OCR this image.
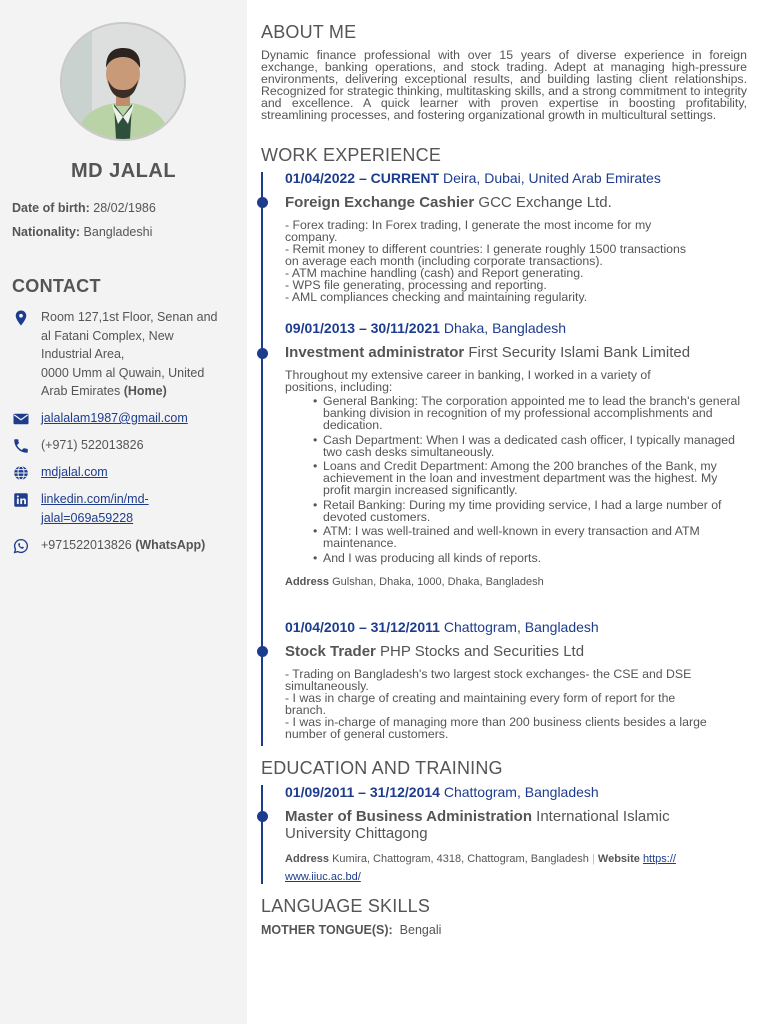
MD JALAL
Date of birth: 28/02/1986
Nationality: Bangladeshi
CONTACT
Room 127,1st Floor, Senan and
al Fatani Complex, New
Industrial Area,
0000 Umm al Quwain, United
Arab Emirates (Home)
jalalalam1987@gmail.com
(+971) 522013826
mdjalal.com
linkedin.com/in/md-
jalal=069a59228
+971522013826 (WhatsApp)
ABOUT ME
Dynamic finance professional with over 15 years of diverse experience in foreign exchange, banking operations, and stock trading. Adept at managing high-pressure environments, delivering exceptional results, and building lasting client relationships. Recognized for strategic thinking, multitasking skills, and a strong commitment to integrity and excellence. A quick learner with proven expertise in boosting profitability, streamlining processes, and fostering organizational growth in multicultural settings.
WORK EXPERIENCE
01/04/2022 – CURRENT Deira, Dubai, United Arab Emirates
Foreign Exchange Cashier GCC Exchange Ltd.
- Forex trading: In Forex trading, I generate the most income for my
company.
- Remit money to different countries: I generate roughly 1500 transactions
on average each month (including corporate transactions).
- ATM machine handling (cash) and Report generating.
- WPS file generating, processing and reporting.
- AML compliances checking and maintaining regularity.
09/01/2013 – 30/11/2021 Dhaka, Bangladesh
Investment administrator First Security Islami Bank Limited
Throughout my extensive career in banking, I worked in a variety of
positions, including:
• General Banking: The corporation appointed me to lead the branch's general banking division in recognition of my professional accomplishments and dedication.
• Cash Department: When I was a dedicated cash officer, I typically managed two cash desks simultaneously.
• Loans and Credit Department: Among the 200 branches of the Bank, my achievement in the loan and investment department was the highest. My profit margin increased significantly.
• Retail Banking: During my time providing service, I had a large number of devoted customers.
• ATM: I was well-trained and well-known in every transaction and ATM maintenance.
• And I was producing all kinds of reports.
Address Gulshan, Dhaka, 1000, Dhaka, Bangladesh
01/04/2010 – 31/12/2011 Chattogram, Bangladesh
Stock Trader PHP Stocks and Securities Ltd
- Trading on Bangladesh's two largest stock exchanges- the CSE and DSE
simultaneously.
- I was in charge of creating and maintaining every form of report for the
branch.
- I was in-charge of managing more than 200 business clients besides a large
number of general customers.
EDUCATION AND TRAINING
01/09/2011 – 31/12/2014 Chattogram, Bangladesh
Master of Business Administration International Islamic
University Chittagong
Address Kumira, Chattogram, 4318, Chattogram, Bangladesh | Website https://
www.iiuc.ac.bd/
LANGUAGE SKILLS
MOTHER TONGUE(S): Bengali
